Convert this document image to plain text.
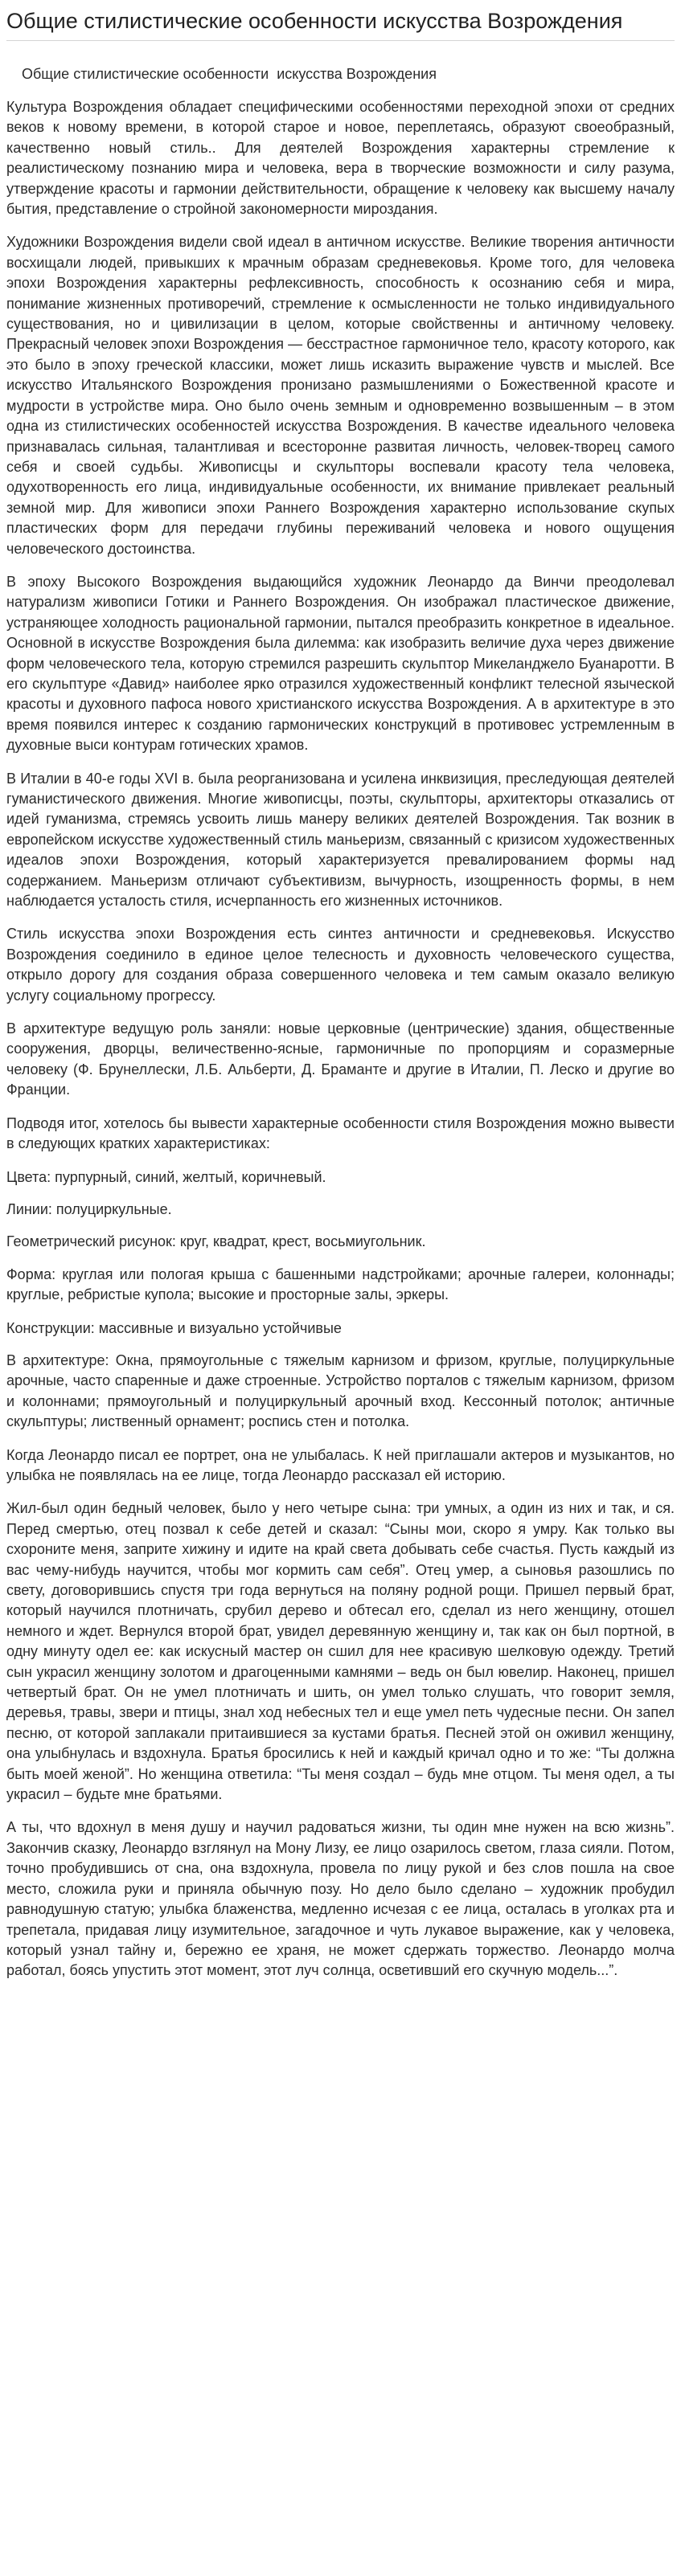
Общие стилистические особенности искусства Возрождения
Общие стилистические особенности  искусства Возрождения

Культура Возрождения обладает специфическими особенностями переходной эпохи от средних веков к новому времени, в которой старое и новое, переплетаясь, образуют своеобразный, качественно новый стиль.. Для деятелей Возрождения характерны стремление к реалистическому познанию мира и человека, вера в творческие возможности и силу разума, утверждение красоты и гармонии действительности, обращение к человеку как высшему началу бытия, представление о стройной закономерности мироздания.

Художники Возрождения видели свой идеал в античном искусстве. Великие творения античности восхищали людей, привыкших к мрачным образам средневековья. Кроме того, для человека эпохи Возрождения характерны рефлексивность, способность к осознанию себя и мира, понимание жизненных противоречий, стремление к осмысленности не только индивидуального существования, но и цивилизации в целом, которые свойственны и античному человеку. Прекрасный человек эпохи Возрождения — бесстрастное гармоничное тело, красоту которого, как это было в эпоху греческой классики, может лишь исказить выражение чувств и мыслей. Все искусство Итальянского Возрождения пронизано размышлениями о Божественной красоте и мудрости в устройстве мира. Оно было очень земным и одновременно возвышенным – в этом одна из стилистических особенностей искусства Возрождения. В качестве идеального человека признавалась сильная, талантливая и всесторонне развитая личность, человек-творец самого себя и своей судьбы. Живописцы и скульпторы воспевали красоту тела человека, одухотворенность его лица, индивидуальные особенности, их внимание привлекает реальный земной мир. Для живописи эпохи Раннего Возрождения характерно использование скупых пластических форм для передачи глубины переживаний человека и нового ощущения человеческого достоинства.

В эпоху Высокого Возрождения выдающийся художник Леонардо да Винчи преодолевал натурализм живописи Готики и Раннего Возрождения. Он изображал пластическое движение, устраняющее холодность рациональной гармонии, пытался преобразить конкретное в идеальное. Основной в искусстве Возрождения была дилемма: как изобразить величие духа через движение форм человеческого тела, которую стремился разрешить скульптор Микеланджело Буанаротти. В его скульптуре «Давид» наиболее ярко отразился художественный конфликт телесной языческой красоты и духовного пафоса нового христианского искусства Возрождения. А в архитектуре в это время появился интерес к созданию гармонических конструкций в противовес устремленным в духовные выси контурам готических храмов.

В Италии в 40-е годы XVI в. была реорганизована и усилена инквизиция, преследующая деятелей гуманистического движения. Многие живописцы, поэты, скульпторы, архитекторы отказались от идей гуманизма, стремясь усвоить лишь манеру великих деятелей Возрождения. Так возник в европейском искусстве художественный стиль маньеризм, связанный с кризисом художественных идеалов эпохи Возрождения, который характеризуется превалированием формы над содержанием. Маньеризм отличают субъективизм, вычурность, изощренность формы, в нем наблюдается усталость стиля, исчерпанность его жизненных источников.

Стиль искусства эпохи Возрождения есть синтез античности и средневековья. Искусство Возрождения соединило в единое целое телесность и духовность человеческого существа, открыло дорогу для создания образа совершенного человека и тем самым оказало великую услугу социальному прогрессу.

В архитектуре ведущую роль заняли: новые церковные (центрические) здания, общественные сооружения, дворцы, величественно-ясные, гармоничные по пропорциям и соразмерные человеку (Ф. Брунеллески, Л.Б. Альберти, Д. Браманте и другие в Италии, П. Леско и другие во Франции.

Подводя итог, хотелось бы вывести характерные особенности стиля Возрождения можно вывести в следующих кратких характеристиках:

Цвета: пурпурный, синий, желтый, коричневый.

Линии: полуциркульные.

Геометрический рисунок: круг, квадрат, крест, восьмиугольник.

Форма: круглая или пологая крыша с башенными надстройками; арочные галереи, колоннады; круглые, ребристые купола; высокие и просторные залы, эркеры.

Конструкции: массивные и визуально устойчивые

В архитектуре: Окна, прямоугольные с тяжелым карнизом и фризом, круглые, полуциркульные арочные, часто спаренные и даже строенные. Устройство порталов с тяжелым карнизом, фризом и колоннами; прямоугольный и полуциркульный арочный вход. Кессонный потолок; античные скульптуры; лиственный орнамент; роспись стен и потолка.

Когда Леонардо писал ее портрет, она не улыбалась. К ней приглашали актеров и музыкантов, но улыбка не появлялась на ее лице, тогда Леонардо рассказал ей историю.

Жил-был один бедный человек, было у него четыре сына: три умных, а один из них и так, и ся. Перед смертью, отец позвал к себе детей и сказал: “Сыны мои, скоро я умру. Как только вы схороните меня, заприте хижину и идите на край света добывать себе счастья. Пусть каждый из вас чему-нибудь научится, чтобы мог кормить сам себя”. Отец умер, а сыновья разошлись по свету, договорившись спустя три года вернуться на поляну родной рощи. Пришел первый брат, который научился плотничать, срубил дерево и обтесал его, сделал из него женщину, отошел немного и ждет. Вернулся второй брат, увидел деревянную женщину и, так как он был портной, в одну минуту одел ее: как искусный мастер он сшил для нее красивую шелковую одежду. Третий сын украсил женщину золотом и драгоценными камнями – ведь он был ювелир. Наконец, пришел четвертый брат. Он не умел плотничать и шить, он умел только слушать, что говорит земля, деревья, травы, звери и птицы, знал ход небесных тел и еще умел петь чудесные песни. Он запел песню, от которой заплакали притаившиеся за кустами братья. Песней этой он оживил женщину, она улыбнулась и вздохнула. Братья бросились к ней и каждый кричал одно и то же: “Ты должна быть моей женой”. Но женщина ответила: “Ты меня создал – будь мне отцом. Ты меня одел, а ты украсил – будьте мне братьями.

А ты, что вдохнул в меня душу и научил радоваться жизни, ты один мне нужен на всю жизнь”. Закончив сказку, Леонардо взглянул на Мону Лизу, ее лицо озарилось светом, глаза сияли. Потом, точно пробудившись от сна, она вздохнула, провела по лицу рукой и без слов пошла на свое место, сложила руки и приняла обычную позу. Но дело было сделано – художник пробудил равнодушную статую; улыбка блаженства, медленно исчезая с ее лица, осталась в уголках рта и трепетала, придавая лицу изумительное, загадочное и чуть лукавое выражение, как у человека, который узнал тайну и, бережно ее храня, не может сдержать торжество. Леонардо молча работал, боясь упустить этот момент, этот луч солнца, осветивший его скучную модель...”.
